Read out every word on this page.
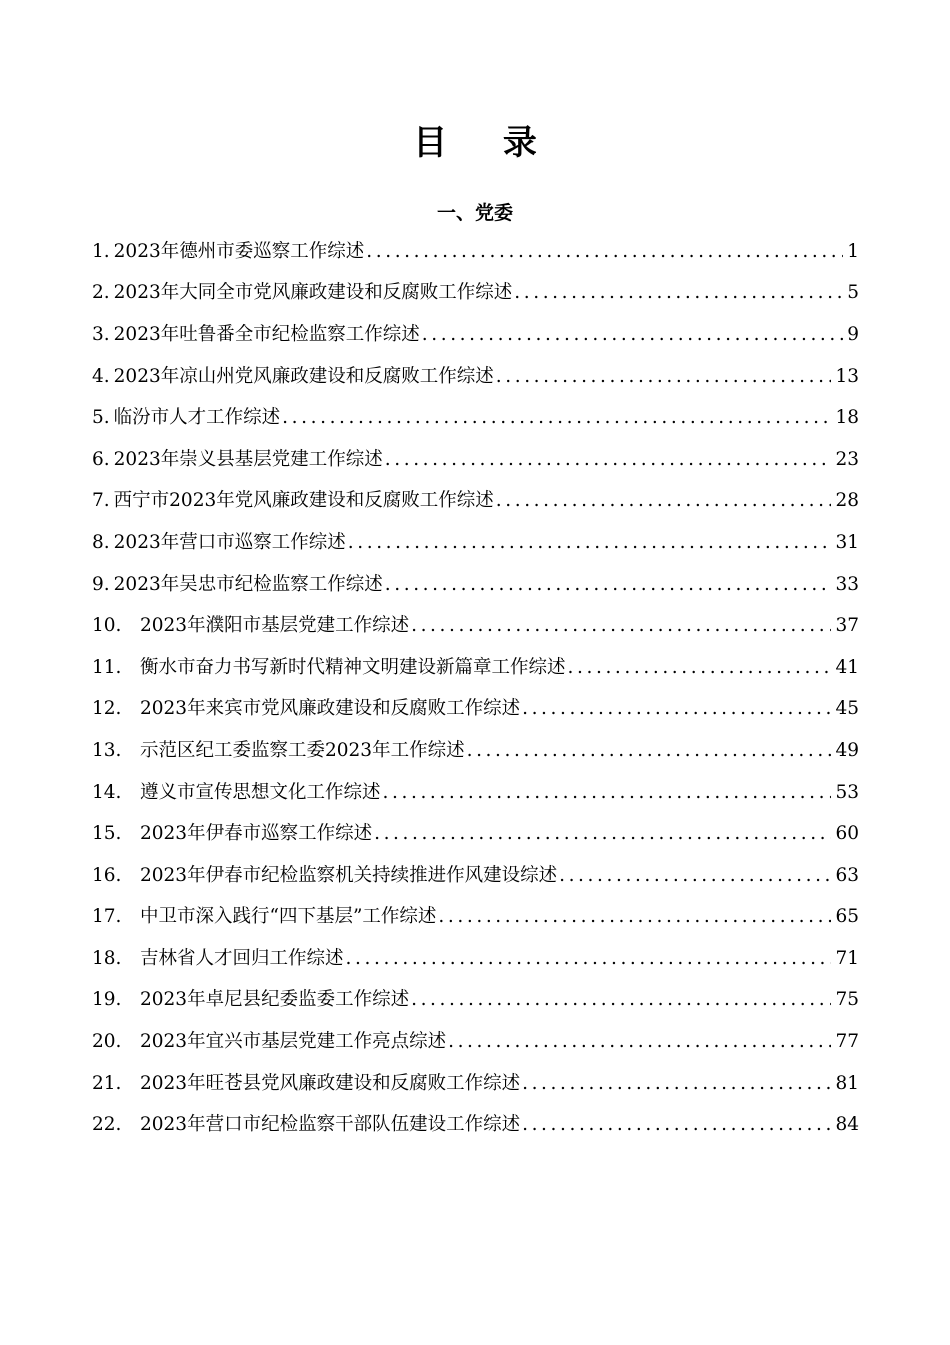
目 录
一、党委
1. 2023年德州市委巡察工作综述 .....	1
2. 2023年大同全市党风廉政建设和反腐败工作综述 .....	5
3. 2023年吐鲁番全市纪检监察工作综述 .....	9
4. 2023年凉山州党风廉政建设和反腐败工作综述 .....	13
5. 临汾市人才工作综述 .....	18
6. 2023年崇义县基层党建工作综述 .....	23
7. 西宁市2023年党风廉政建设和反腐败工作综述 .....	28
8. 2023年营口市巡察工作综述 .....	31
9. 2023年吴忠市纪检监察工作综述 .....	33
10.	2023年濮阳市基层党建工作综述 .....	37
11.	衡水市奋力书写新时代精神文明建设新篇章工作综述 .....	41
12.	2023年来宾市党风廉政建设和反腐败工作综述 .....	45
13.	示范区纪工委监察工委2023年工作综述 .....	49
14.	遵义市宣传思想文化工作综述 .....	53
15.	2023年伊春市巡察工作综述 .....	60
16.	2023年伊春市纪检监察机关持续推进作风建设综述 .....	63
17.	中卫市深入践行“四下基层”工作综述 .....	65
18.	吉林省人才回归工作综述 .....	71
19.	2023年卓尼县纪委监委工作综述 .....	75
20.	2023年宜兴市基层党建工作亮点综述 .....	77
21.	2023年旺苍县党风廉政建设和反腐败工作综述 .....	81
22.	2023年营口市纪检监察干部队伍建设工作综述 .....	84
